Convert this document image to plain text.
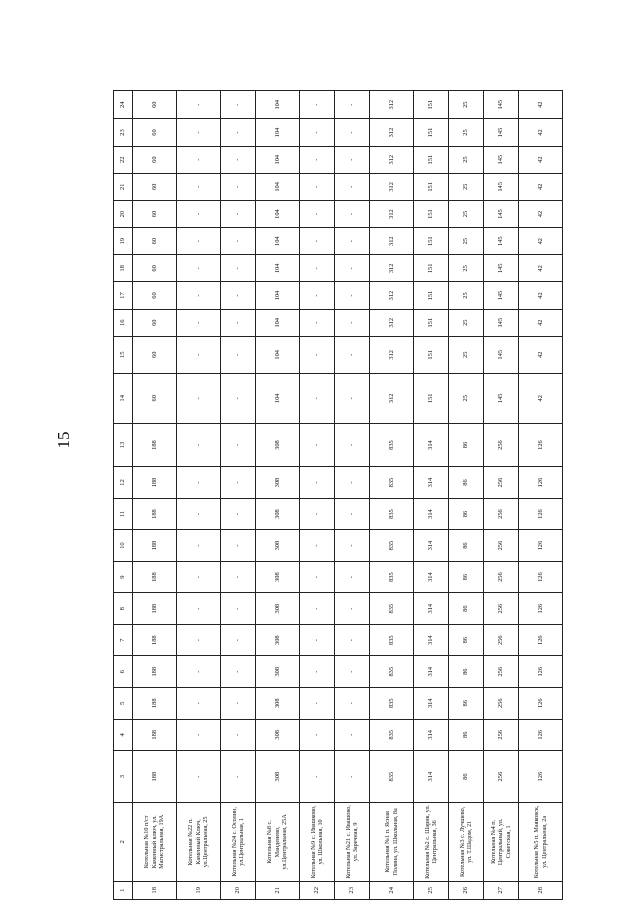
15
1	2	3	4	5	6	7	8	9	10	11	12	13	14	15	16	17	18	19	20	21	22	23	24
18	Котельная №10 п/ст Каменный ключ, ул. Магистральная, 19А	188	188	188	188	188	188	188	188	188	188	188	60	60	60	60	60	60	60	60	60	60	60
19	Котельная №22 п. Каменный Ключ, ул.Центральная, 25	-	-	-	-	-	-	-	-	-	-	-	-	-	-	-	-	-	-	-	-	-	-
20	Котельная №24 с. Осолин, ул.Центральная, 1	-	-	-	-	-	-	-	-	-	-	-	-	-	-	-	-	-	-	-	-	-	-
21	Котельная №8 с. Манденево, ул.Центральная, 25А	308	308	308	308	308	308	308	308	308	308	308	104	104	104	104	104	104	104	104	104	104	104
22	Котельная №9 с. Ивашково, ул. Школьная, 10	-	-	-	-	-	-	-	-	-	-	-	-	-	-	-	-	-	-	-	-	-	-
23	Котельная №21 с. Ивашово, ул. Заречная, 9	-	-	-	-	-	-	-	-	-	-	-	-	-	-	-	-	-	-	-	-	-	-
24	Котельная №1 п. Ясная Поляна, ул. Школьная, 8а	835	835	835	835	835	835	835	835	835	835	835	312	312	312	312	312	312	312	312	312	312	312
25	Котельная №2 с. Шарик, ул. Центральная, 36	314	314	314	314	314	314	314	314	314	314	314	151	151	151	151	151	151	151	151	151	151	151
26	Котельная №3 с. Лучшево, ул. Т.Шадом, 21	86	86	86	86	86	86	86	86	86	86	86	25	25	25	25	25	25	25	25	25	25	25
27	Котельная №4 п. Центральный, ул. Советская, 1	256	256	256	256	256	256	256	256	256	256	256	145	145	145	145	145	145	145	145	145	145	145
28	Котельная №5 п. Маяковск, ул. Центральная, 2а	126	126	126	126	126	126	126	126	126	126	126	42	42	42	42	42	42	42	42	42	42	42
